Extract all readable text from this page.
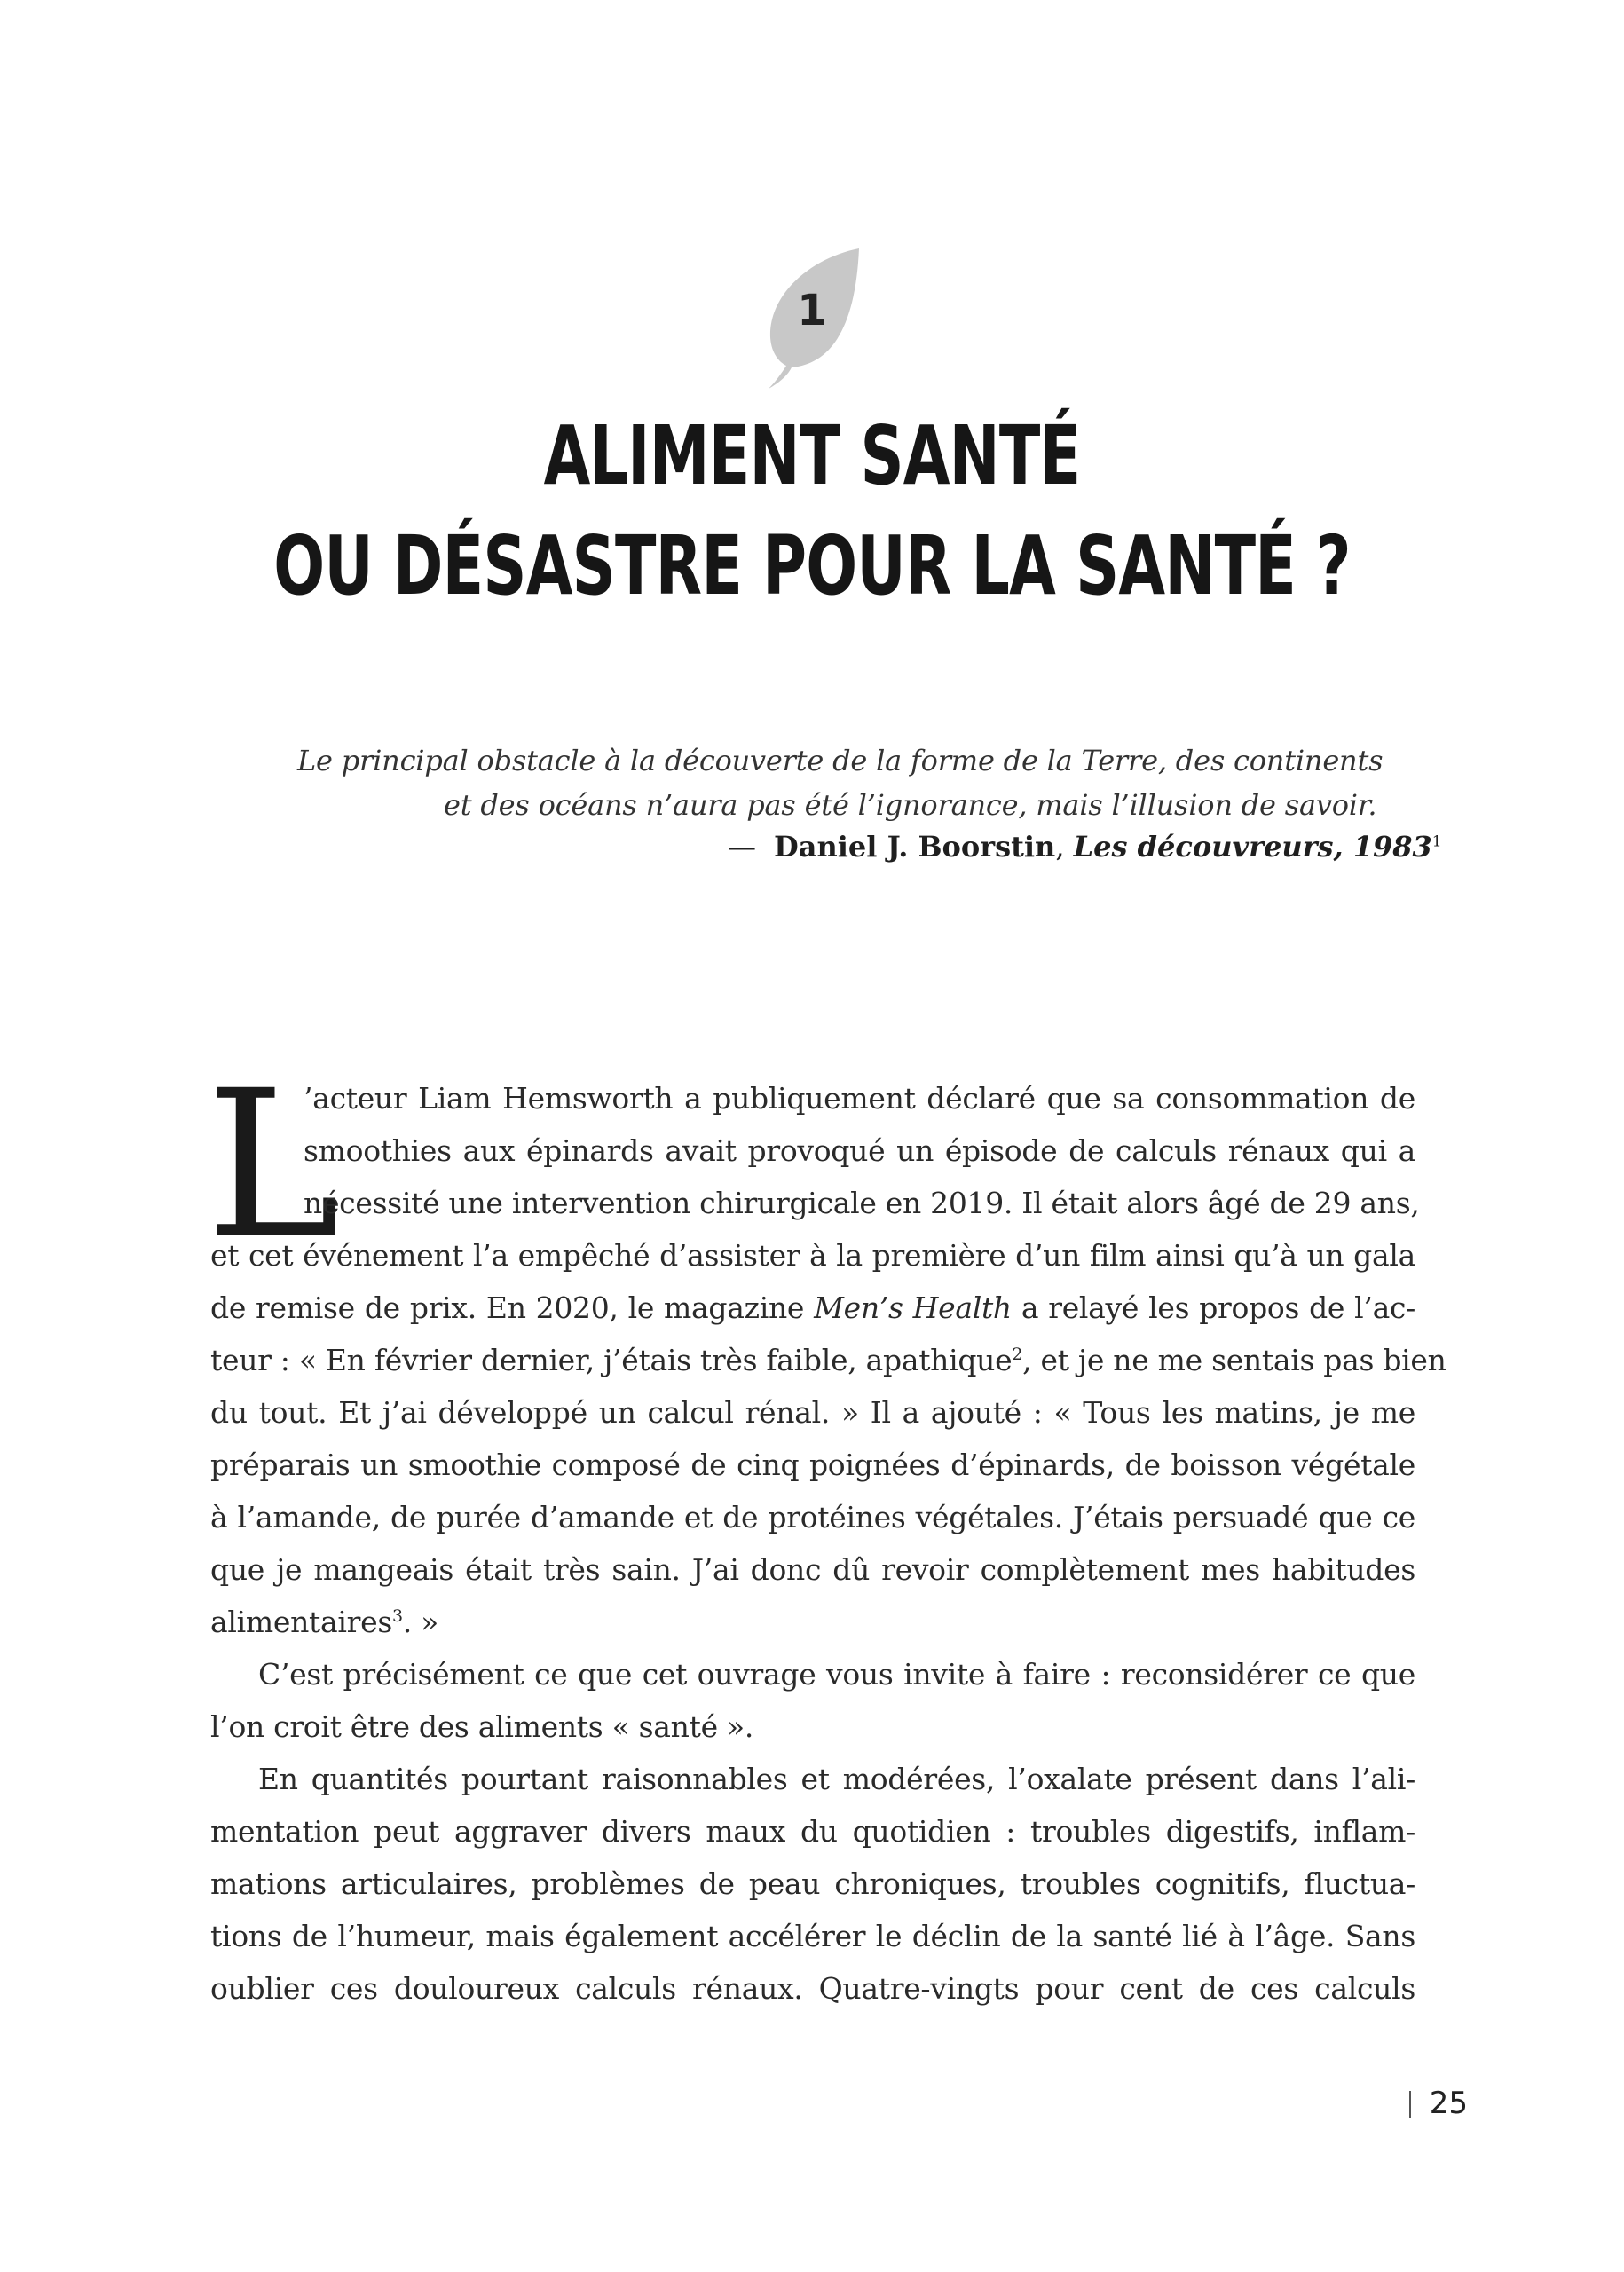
1
ALIMENT SANTÉ
OU DÉSASTRE POUR LA SANTÉ ?
Le principal obstacle à la découverte de la forme de la Terre, des continents
et des océans n’aura pas été l’ignorance, mais l’illusion de savoir.
— Daniel J. Boorstin, Les découvreurs, 1983$^1$
L
’acteur Liam Hemsworth a publiquement déclaré que sa consommation de
smoothies aux épinards avait provoqué un épisode de calculs rénaux qui a
nécessité une intervention chirurgicale en 2019. Il était alors âgé de 29 ans,
et cet événement l’a empêché d’assister à la première d’un film ainsi qu’à un gala
de remise de prix. En 2020, le magazine Men’s Health a relayé les propos de l’ac-
teur : « En février dernier, j’étais très faible, apathique$^2$, et je ne me sentais pas bien
du tout. Et j’ai développé un calcul rénal. » Il a ajouté : « Tous les matins, je me
préparais un smoothie composé de cinq poignées d’épinards, de boisson végétale
à l’amande, de purée d’amande et de protéines végétales. J’étais persuadé que ce
que je mangeais était très sain. J’ai donc dû revoir complètement mes habitudes
alimentaires$^3$. »
C’est précisément ce que cet ouvrage vous invite à faire : reconsidérer ce que
l’on croit être des aliments « santé ».
En quantités pourtant raisonnables et modérées, l’oxalate présent dans l’ali-
mentation peut aggraver divers maux du quotidien : troubles digestifs, inflam-
mations articulaires, problèmes de peau chroniques, troubles cognitifs, fluctua-
tions de l’humeur, mais également accélérer le déclin de la santé lié à l’âge. Sans
oublier ces douloureux calculs rénaux. Quatre-vingts pour cent de ces calculs
25
